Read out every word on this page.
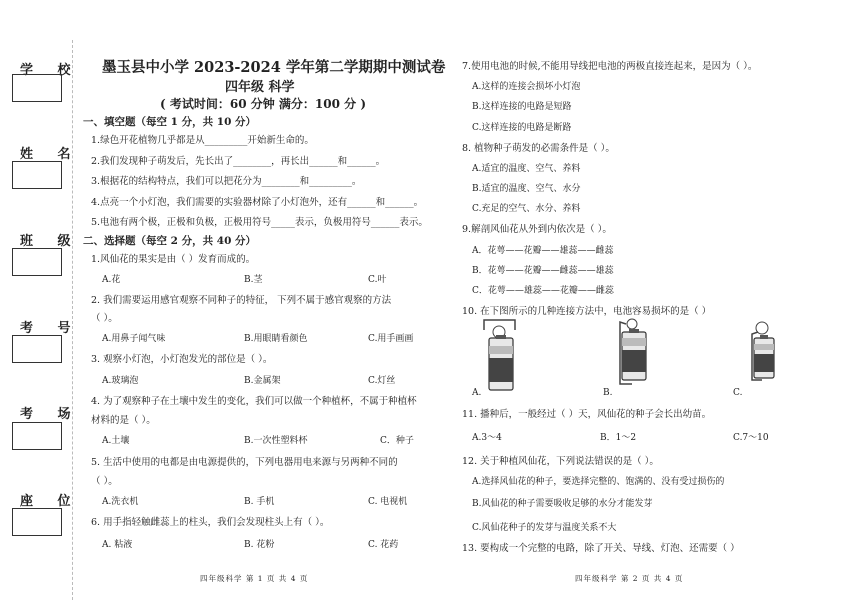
学 校
姓 名
班 级
考 号
考 场
座 位
墨玉县中小学 2023-2024 学年第二学期期中测试卷
四年级 科学
( 考试时间：60 分钟 满分：100 分 )
一、填空题（每空 1 分，共 10 分）
1.绿色开花植物几乎都是从_________开始新生命的。
2.我们发现种子萌发后，先长出了________，再长出______和______。
3.根据花的结构特点，我们可以把花分为________和_________。
4.点亮一个小灯泡，我们需要的实验器材除了小灯泡外，还有______和______。
5.电池有两个极，正极和负极，正极用符号_____表示，负极用符号______表示。
二、选择题（每空 2 分，共 40 分）
1.风仙花的果实是由（ ）发育而成的。
A.花	B.茎	C.叶
2. 我们需要运用感官观察不同种子的特征， 下列不属于感官观察的方法
（ ）。
A.用鼻子闻气味	B.用眼睛看颜色	C.用手画画
3. 观察小灯泡，小灯泡发光的部位是（ ）。
A.玻璃泡	B.金属架	C.灯丝
4. 为了观察种子在土壤中发生的变化，我们可以做一个种植杯，不属于种植杯
材料的是（ ）。
A.土壤	B.一次性塑料杯	C．种子
5. 生活中使用的电都是由电源提供的，下列电器用电来源与另两种不同的
（ ）。
A.洗衣机	B. 手机	C. 电视机
6. 用手指轻触雌蕊上的柱头，我们会发现柱头上有（ ）。
A. 粘液	B. 花粉	C. 花药
7.使用电池的时候,不能用导线把电池的两极直接连起来，是因为（ ）。
A.这样的连接会损坏小灯泡
B.这样连接的电路是短路
C.这样连接的电路是断路
8. 植物种子萌发的必需条件是（ ）。
A.适宜的温度、空气、养料
B.适宜的温度、空气、水分
C.充足的空气、水分、养料
9.解剖风仙花从外到内依次是（ ）。
A．花萼——花瓣——雄蕊——雌蕊
B．花萼——花瓣——雌蕊——雄蕊
C．花萼——雄蕊——花瓣——雌蕊
10. 在下图所示的几种连接方法中，电池容易损坏的是（ ）
A.	B.	C.
11. 播种后，一般经过（ ）天，风仙花的种子会长出幼苗。
A.3～4	B．1～2	C.7～10
12. 关于种植风仙花，下列说法错误的是（ ）。
A.选择风仙花的种子，要选择完整的、饱满的、没有受过损伤的
B.风仙花的种子需要吸收足够的水分才能发芽
C.风仙花种子的发芽与温度关系不大
13. 要构成一个完整的电路，除了开关、导线、灯泡、还需要（ ）
四年级科学 第 1 页 共 4 页	四年级科学 第 2 页 共 4 页
